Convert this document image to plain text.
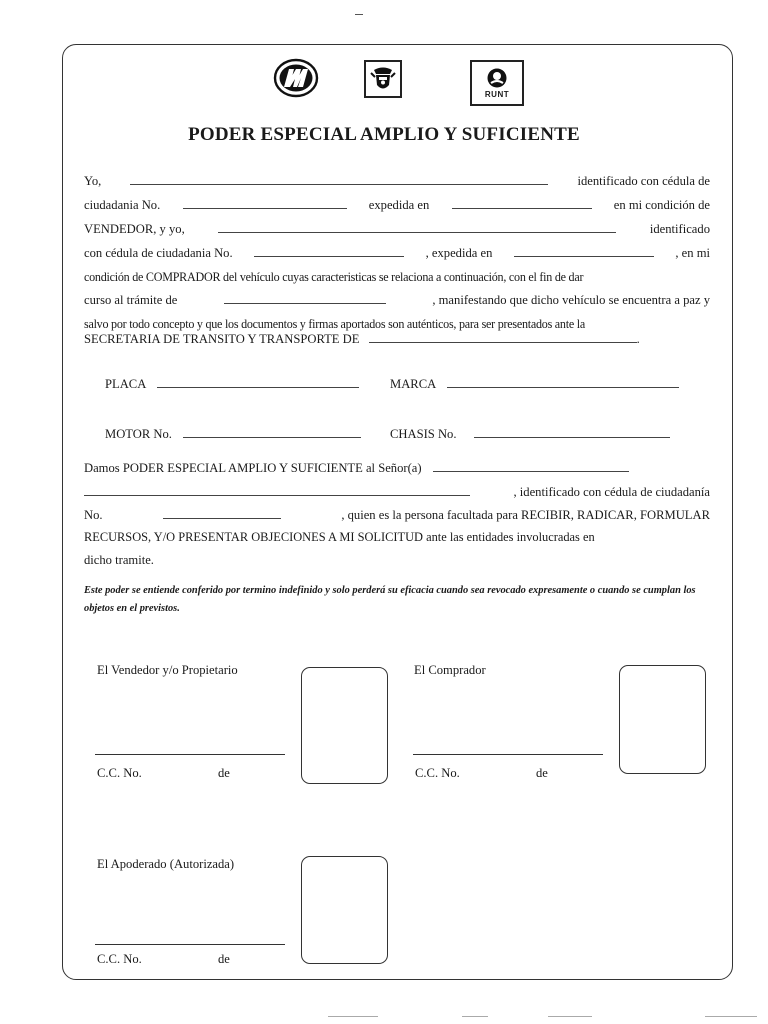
RUNT
PODER ESPECIAL AMPLIO Y SUFICIENTE
Yo,	identificado con cédula de
ciudadania No.	expedida en	en mi condición de
VENDEDOR, y yo,	identificado
con cédula de ciudadania No.	, expedida en	, en mi
condición de COMPRADOR del vehículo cuyas caracteristicas se relaciona a continuación, con el fin de dar
curso al trámite de	, manifestando que dicho vehículo se encuentra a paz y
salvo por todo concepto y que los documentos y firmas aportados son auténticos, para ser presentados ante la
SECRETARIA DE TRANSITO Y TRANSPORTE DE	.
PLACA	MARCA
MOTOR No.	CHASIS No.
Damos PODER ESPECIAL AMPLIO Y SUFICIENTE al Señor(a)
, identificado con cédula de ciudadanía
No.	, quien es la persona facultada para RECIBIR, RADICAR, FORMULAR
RECURSOS, Y/O PRESENTAR OBJECIONES A MI SOLICITUD ante las entidades involucradas en
dicho tramite.
Este poder se entiende conferido por termino indefinido y solo perderá su eficacia cuando sea revocado expresamente o cuando se cumplan los objetos en el previstos.
El Vendedor y/o Propietario
C.C. No.	de
El Comprador
C.C. No.	de
El Apoderado (Autorizada)
C.C. No.	de
